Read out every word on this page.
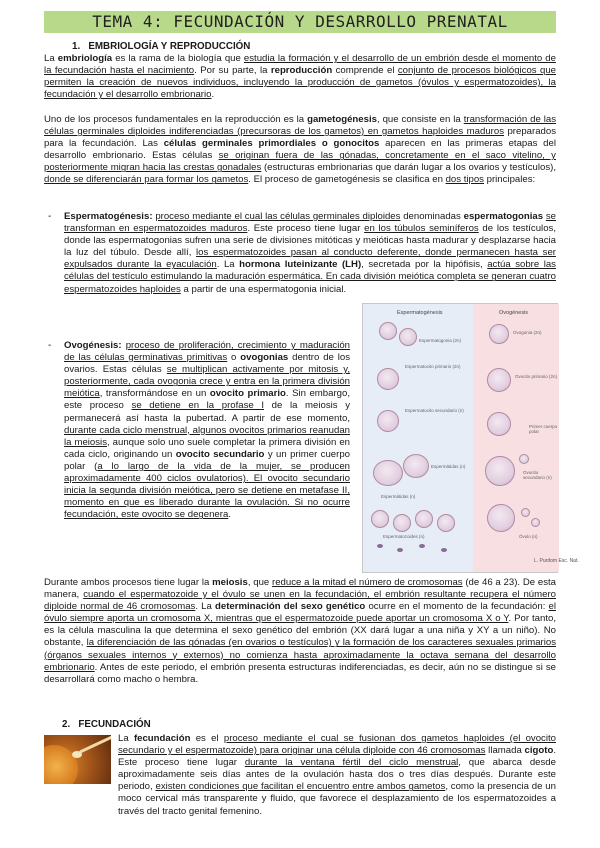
TEMA 4: FECUNDACIÓN Y DESARROLLO PRENATAL
1. EMBRIOLOGÍA Y REPRODUCCIÓN
La embriología es la rama de la biología que estudia la formación y el desarrollo de un embrión desde el momento de la fecundación hasta el nacimiento. Por su parte, la reproducción comprende el conjunto de procesos biológicos que permiten la creación de nuevos individuos, incluyendo la producción de gametos (óvulos y espermatozoides), la fecundación y el desarrollo embrionario.
Uno de los procesos fundamentales en la reproducción es la gametogénesis, que consiste en la transformación de las células germinales diploides indiferenciadas (precursoras de los gametos) en gametos haploides maduros preparados para la fecundación. Las células germinales primordiales o gonocitos aparecen en las primeras etapas del desarrollo embrionario. Estas células se originan fuera de las gónadas, concretamente en el saco vitelino, y posteriormente migran hacia las crestas gonadales (estructuras embrionarias que darán lugar a los ovarios y testículos), donde se diferenciarán para formar los gametos. El proceso de gametogénesis se clasifica en dos tipos principales:
- Espermatogénesis: proceso mediante el cual las células germinales diploides denominadas espermatogonias se transforman en espermatozoides maduros. Este proceso tiene lugar en los túbulos seminíferos de los testículos, donde las espermatogonias sufren una serie de divisiones mitóticas y meióticas hasta madurar y desplazarse hacia la luz del túbulo. Desde allí, los espermatozoides pasan al conducto deferente, donde permanecen hasta ser expulsados durante la eyaculación. La hormona luteinizante (LH), secretada por la hipófisis, actúa sobre las células del testículo estimulando la maduración espermática. En cada división meiótica completa se generan cuatro espermatozoides haploides a partir de una espermatogonia inicial.
- Ovogénesis: proceso de proliferación, crecimiento y maduración de las células germinativas primitivas o ovogonias dentro de los ovarios. Estas células se multiplican activamente por mitosis y, posteriormente, cada ovogonia crece y entra en la primera división meiótica, transformándose en un ovocito primario. Sin embargo, este proceso se detiene en la profase I de la meiosis y permanecerá así hasta la pubertad. A partir de ese momento, durante cada ciclo menstrual, algunos ovocitos primarios reanudan la meiosis, aunque solo uno suele completar la primera división en cada ciclo, originando un ovocito secundario y un primer cuerpo polar (a lo largo de la vida de la mujer, se producen aproximadamente 400 ciclos ovulatorios). El ovocito secundario inicia la segunda división meiótica, pero se detiene en metafase II, momento en que es liberado durante la ovulación. Si no ocurre fecundación, este ovocito se degenera.
Espermatogénesis	Ovogénesis
Espermatocito primario (2n)
Espermatocito secundario (n)
Espermátidas (n)
Espermatogonia (2n)
Ovogonia (2n)
Ovocito primario (2n)
Ovocito secundario (n)
Primer cuerpo polar
Óvulo (n)
Espermatozoides (n)
Espermátidas (n)
L. Purdom Esc. Nat.
Durante ambos procesos tiene lugar la meiosis, que reduce a la mitad el número de cromosomas (de 46 a 23). De esta manera, cuando el espermatozoide y el óvulo se unen en la fecundación, el embrión resultante recupera el número diploide normal de 46 cromosomas. La determinación del sexo genético ocurre en el momento de la fecundación: el óvulo siempre aporta un cromosoma X, mientras que el espermatozoide puede aportar un cromosoma X o Y. Por tanto, es la célula masculina la que determina el sexo genético del embrión (XX dará lugar a una niña y XY a un niño). No obstante, la diferenciación de las gónadas (en ovarios o testículos) y la formación de los caracteres sexuales primarios (órganos sexuales internos y externos) no comienza hasta aproximadamente la octava semana del desarrollo embrionario. Antes de este periodo, el embrión presenta estructuras indiferenciadas, es decir, aún no se distingue si se desarrollará como macho o hembra.
2. FECUNDACIÓN
La fecundación es el proceso mediante el cual se fusionan dos gametos haploides (el ovocito secundario y el espermatozoide) para originar una célula diploide con 46 cromosomas llamada cigoto. Este proceso tiene lugar durante la ventana fértil del ciclo menstrual, que abarca desde aproximadamente seis días antes de la ovulación hasta dos o tres días después. Durante este periodo, existen condiciones que facilitan el encuentro entre ambos gametos, como la presencia de un moco cervical más transparente y fluido, que favorece el desplazamiento de los espermatozoides a través del tracto genital femenino.
